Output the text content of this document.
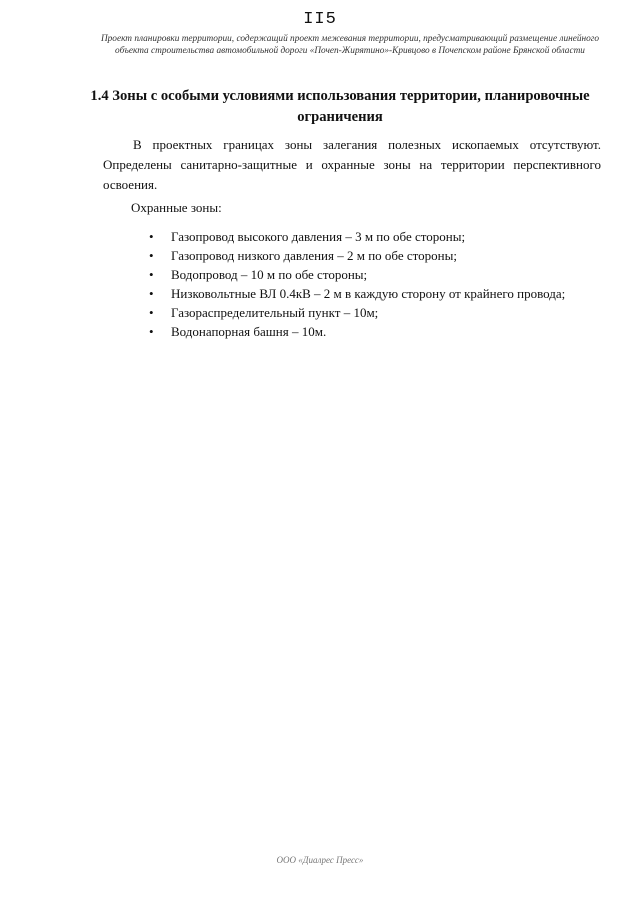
II5
Проект планировки территории, содержащий проект межевания территории, предусматривающий размещение линейного объекта строительства автомобильной дороги «Почеп-Жирятино»-Кривцово в Почепском районе Брянской области
1.4 Зоны с особыми условиями использования территории, планировочные ограничения
В проектных границах зоны залегания полезных ископаемых отсутствуют. Определены санитарно-защитные и охранные зоны на территории перспективного освоения.
Охранные зоны:
• Газопровод высокого давления – 3 м по обе стороны;
• Газопровод низкого давления – 2 м по обе стороны;
• Водопровод – 10 м по обе стороны;
• Низковольтные ВЛ 0.4кВ – 2 м в каждую сторону от крайнего провода;
• Газораспределительный пункт – 10м;
• Водонапорная башня – 10м.
ООО «Диалрес Пресс»
